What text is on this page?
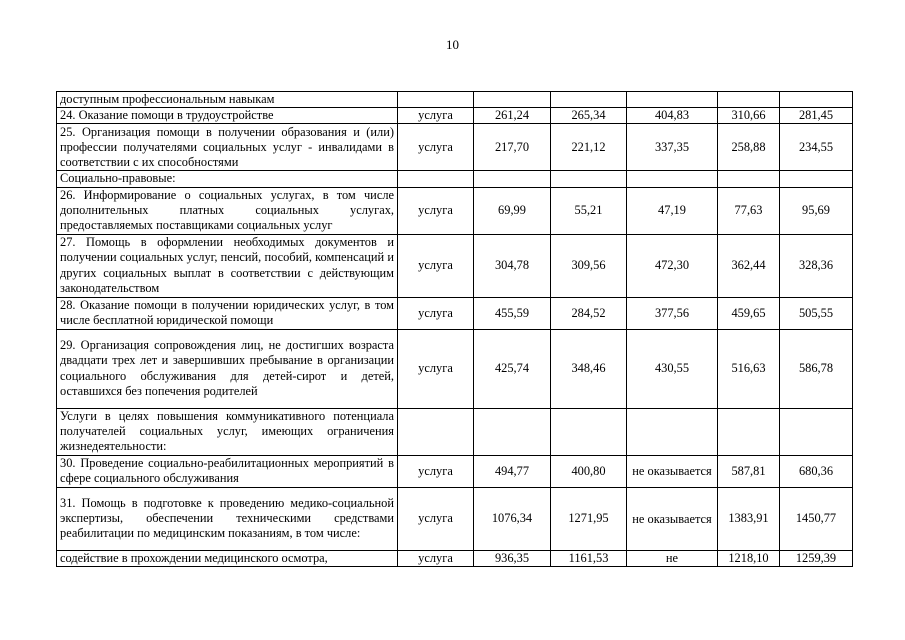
10
доступным профессиональным навыкам						
24. Оказание помощи в трудоустройстве	услуга	261,24	265,34	404,83	310,66	281,45
25. Организация помощи в получении образования и (или) профессии получателями социальных услуг - инвалидами в соответствии с их способностями	услуга	217,70	221,12	337,35	258,88	234,55
Социально-правовые:						
26. Информирование о социальных услугах, в том числе дополнительных платных социальных услугах, предоставляемых поставщиками социальных услуг	услуга	69,99	55,21	47,19	77,63	95,69
27. Помощь в оформлении необходимых документов и получении социальных услуг, пенсий, пособий, компенсаций и других социальных выплат в соответствии с действующим законодательством	услуга	304,78	309,56	472,30	362,44	328,36
28. Оказание помощи в получении юридических услуг, в том числе бесплатной юридической помощи	услуга	455,59	284,52	377,56	459,65	505,55
29. Организация сопровождения лиц, не достигших возраста двадцати трех лет и завершивших пребывание в организации социального обслуживания для детей-сирот и детей, оставшихся без попечения родителей	услуга	425,74	348,46	430,55	516,63	586,78
Услуги в целях повышения коммуникативного потенциала получателей социальных услуг, имеющих ограничения жизнедеятельности:						
30. Проведение социально-реабилитационных мероприятий в сфере социального обслуживания	услуга	494,77	400,80	не оказывается	587,81	680,36
31. Помощь в подготовке к проведению медико-социальной экспертизы, обеспечении техническими средствами реабилитации по медицинским показаниям, в том числе:	услуга	1076,34	1271,95	не оказывается	1383,91	1450,77
содействие в прохождении медицинского осмотра,	услуга	936,35	1161,53	не	1218,10	1259,39
